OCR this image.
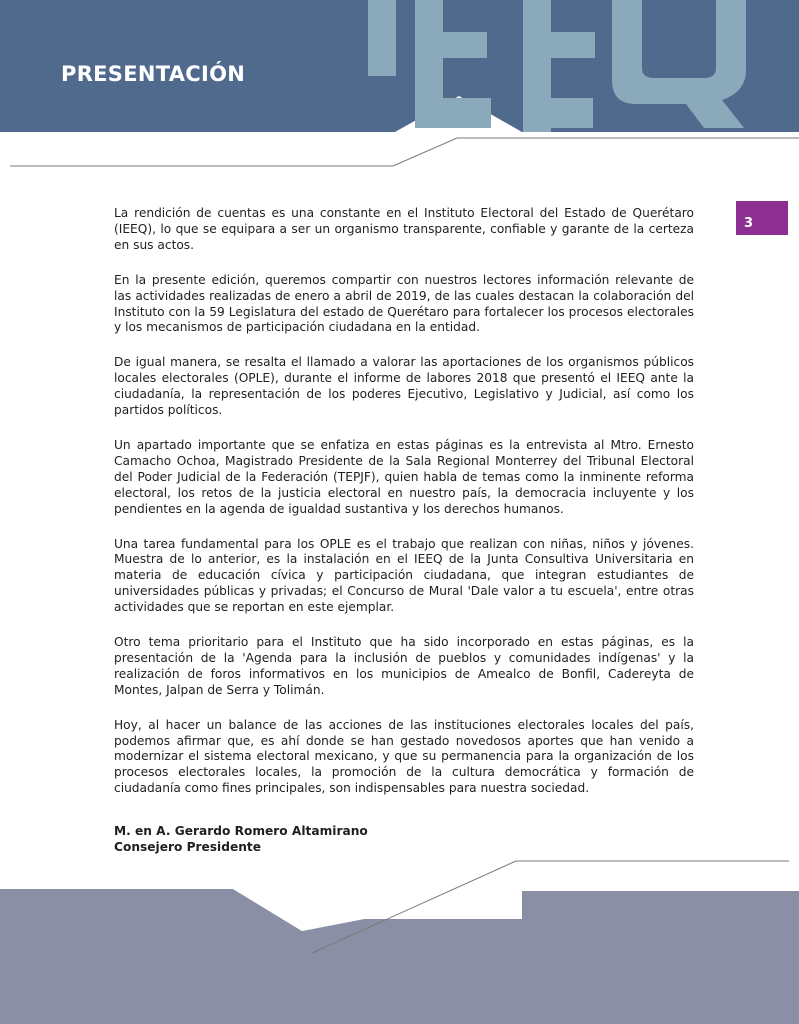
PRESENTACIÓN
3

La rendición de cuentas es una constante en el Instituto Electoral del Estado de Querétaro (IEEQ), lo que se equipara a ser un organismo transparente, confiable y garante de la certeza en sus actos.

En la presente edición, queremos compartir con nuestros lectores información relevante de las actividades realizadas de enero a abril de 2019, de las cuales destacan la colaboración del Instituto con la 59 Legislatura del estado de Querétaro para fortalecer los procesos electorales y los mecanismos de participación ciudadana en la entidad.

De igual manera, se resalta el llamado a valorar las aportaciones de los organismos públicos locales electorales (OPLE), durante el informe de labores 2018 que presentó el IEEQ ante la ciudadanía, la representación de los poderes Ejecutivo, Legislativo y Judicial, así como los partidos políticos.

Un apartado importante que se enfatiza en estas páginas es la entrevista al Mtro. Ernesto Camacho Ochoa, Magistrado Presidente de la Sala Regional Monterrey del Tribunal Electoral del Poder Judicial de la Federación (TEPJF), quien habla de temas como la inminente reforma electoral, los retos de la justicia electoral en nuestro país, la democracia incluyente y los pendientes en la agenda de igualdad sustantiva y los derechos humanos.

Una tarea fundamental para los OPLE es el trabajo que realizan con niñas, niños y jóvenes. Muestra de lo anterior, es la instalación en el IEEQ de la Junta Consultiva Universitaria en materia de educación cívica y participación ciudadana, que integran estudiantes de universidades públicas y privadas; el Concurso de Mural 'Dale valor a tu escuela', entre otras actividades que se reportan en este ejemplar.

Otro tema prioritario para el Instituto que ha sido incorporado en estas páginas, es la presentación de la 'Agenda para la inclusión de pueblos y comunidades indígenas' y la realización de foros informativos en los municipios de Amealco de Bonfil, Cadereyta de Montes, Jalpan de Serra y Tolimán.

Hoy, al hacer un balance de las acciones de las instituciones electorales locales del país, podemos afirmar que, es ahí donde se han gestado novedosos aportes que han venido a modernizar el sistema electoral mexicano, y que su permanencia para la organización de los procesos electorales locales, la promoción de la cultura democrática y formación de ciudadanía como fines principales, son indispensables para nuestra sociedad.

M. en A. Gerardo Romero Altamirano
Consejero Presidente
